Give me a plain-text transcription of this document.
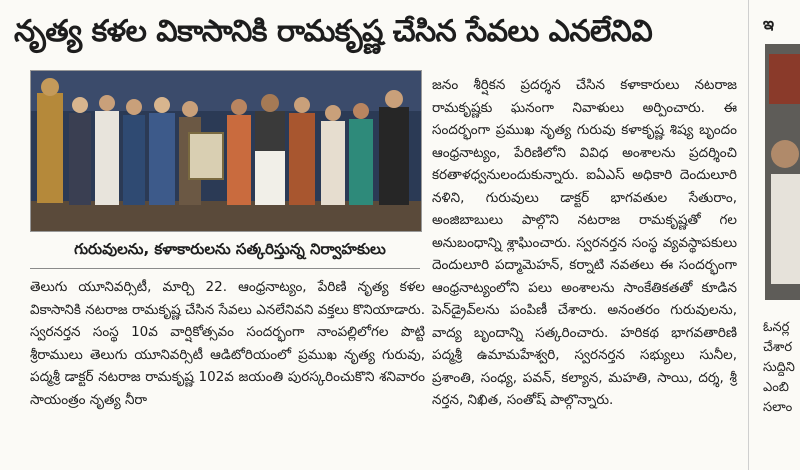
నృత్య కళల వికాసానికి రామకృష్ణ చేసిన సేవలు ఎనలేనివి
గురువులను, కళాకారులను సత్కరిస్తున్న నిర్వాహకులు
తెలుగు యూనివర్సిటీ, మార్చి 22. ఆంధ్రనాట్యం, పేరిణి నృత్య కళల వికాసానికి నటరాజ రామకృష్ణ చేసిన సేవలు ఎనలేనివని వక్తలు కొనియాడారు. స్వరనర్తన సంస్థ 10వ వార్షికోత్సవం సందర్భంగా నాంపల్లిలోగల పొట్టి శ్రీరాములు తెలుగు యూనివర్సిటీ ఆడిటోరియంలో ప్రముఖ నృత్య గురువు, పద్మశ్రీ డాక్టర్ నటరాజ రామకృష్ణ 102వ జయంతి పురస్కరించుకొని శనివారం సాయంత్రం నృత్య నీరా
జనం శీర్షికన ప్రదర్శన చేసిన కళాకారులు నటరాజ రామకృష్ణకు ఘనంగా నివాళులు అర్పించారు. ఈ సందర్భంగా ప్రముఖ నృత్య గురువు కళాకృష్ణ శిష్య బృందం ఆంధ్రనాట్యం, పేరిణిలోని వివిధ అంశాలను ప్రదర్శించి కరతాళధ్వనులందుకున్నారు. ఐఏఎస్ అధికారి దెందులూరి నళిని, గురువులు డాక్టర్ భాగవతుల సేతురాం, అంజిబాబులు పాల్గొని నటరాజ రామకృష్ణతో గల అనుబంధాన్ని శ్లాఘించారు. స్వరనర్తన సంస్థ వ్యవస్థాపకులు దెందులూరి పద్మామెహన్, కర్నాటి నవతలు ఈ సందర్భంగా ఆంధ్రనాట్యంలోని పలు అంశాలను సాంకేతికతతో కూడిన పెన్‌డ్రైవ్‌లను పంపిణీ చేశారు. అనంతరం గురువులను, వాద్య బృందాన్ని సత్కరించారు. హరికథ భాగవతారిణి పద్మశ్రీ ఉమామహేశ్వరి, స్వరనర్తన సభ్యులు సునీల, ప్రశాంతి, సంధ్య, పవన్, కల్యాన, మహతి, సాయి, దర్శ, శ్రీ నర్తన, నిఖిత, సంతోష్ పాల్గొన్నారు.
ఇ
ఓనర్ల
చేశార
సుద్దిని
ఎంబి
సలాం
